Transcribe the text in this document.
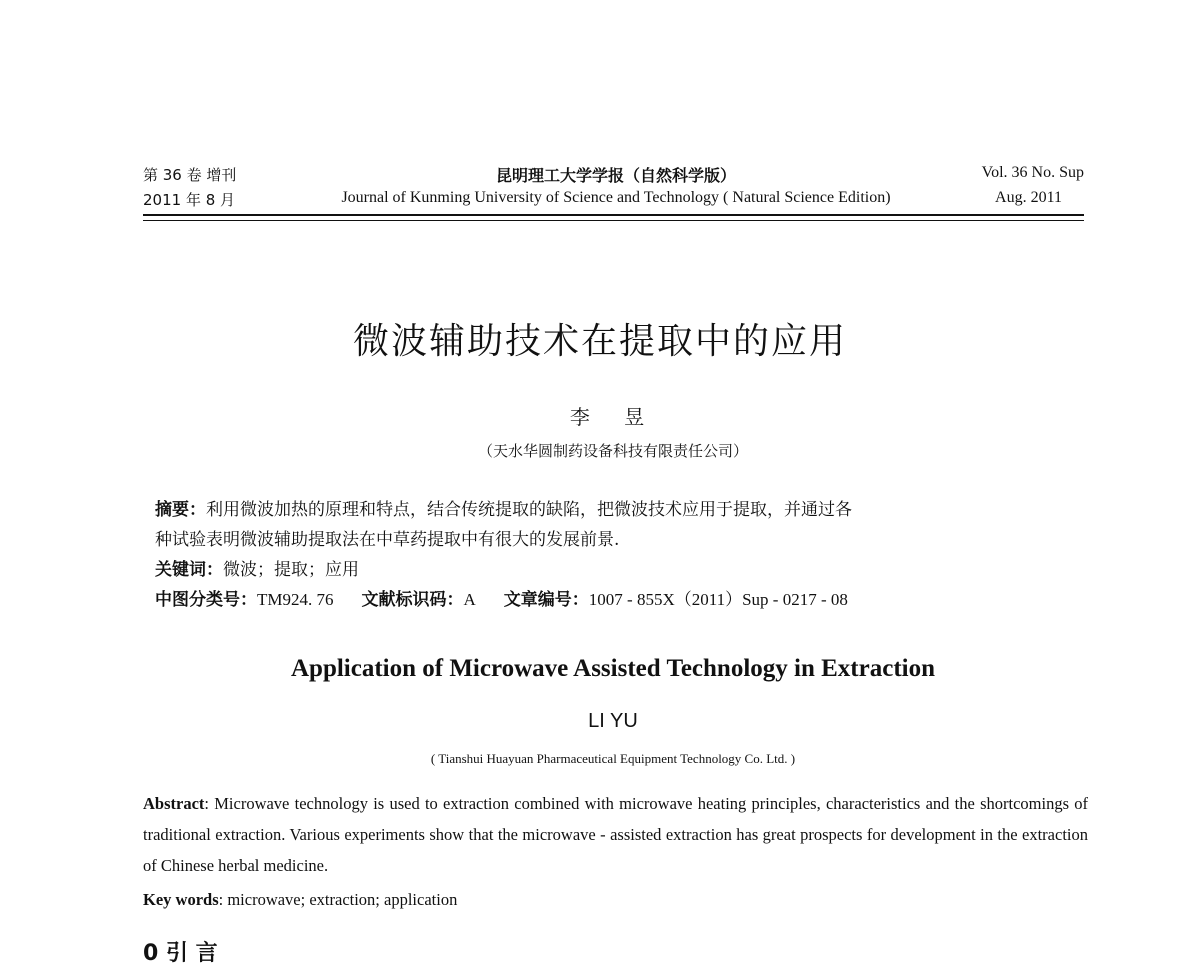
第 36 卷 增刊
2011 年 8 月
昆明理工大学学报（自然科学版）
Journal of Kunming University of Science and Technology ( Natural Science Edition)
Vol. 36 No. Sup
Aug. 2011
微波辅助技术在提取中的应用
李 昱
（天水华圆制药设备科技有限责任公司）
摘要：利用微波加热的原理和特点，结合传统提取的缺陷，把微波技术应用于提取，并通过各
种试验表明微波辅助提取法在中草药提取中有很大的发展前景.
关键词：微波；提取；应用
中图分类号：TM924. 76 文献标识码：A 文章编号：1007 - 855X（2011）Sup - 0217 - 08
Application of Microwave Assisted Technology in Extraction
LI YU
( Tianshui Huayuan Pharmaceutical Equipment Technology Co. Ltd. )
Abstract: Microwave technology is used to extraction combined with microwave heating principles, characteristics and the shortcomings of traditional extraction. Various experiments show that the microwave - assisted extraction has great prospects for development in the extraction of Chinese herbal medicine.
Key words: microwave; extraction; application
0 引 言
